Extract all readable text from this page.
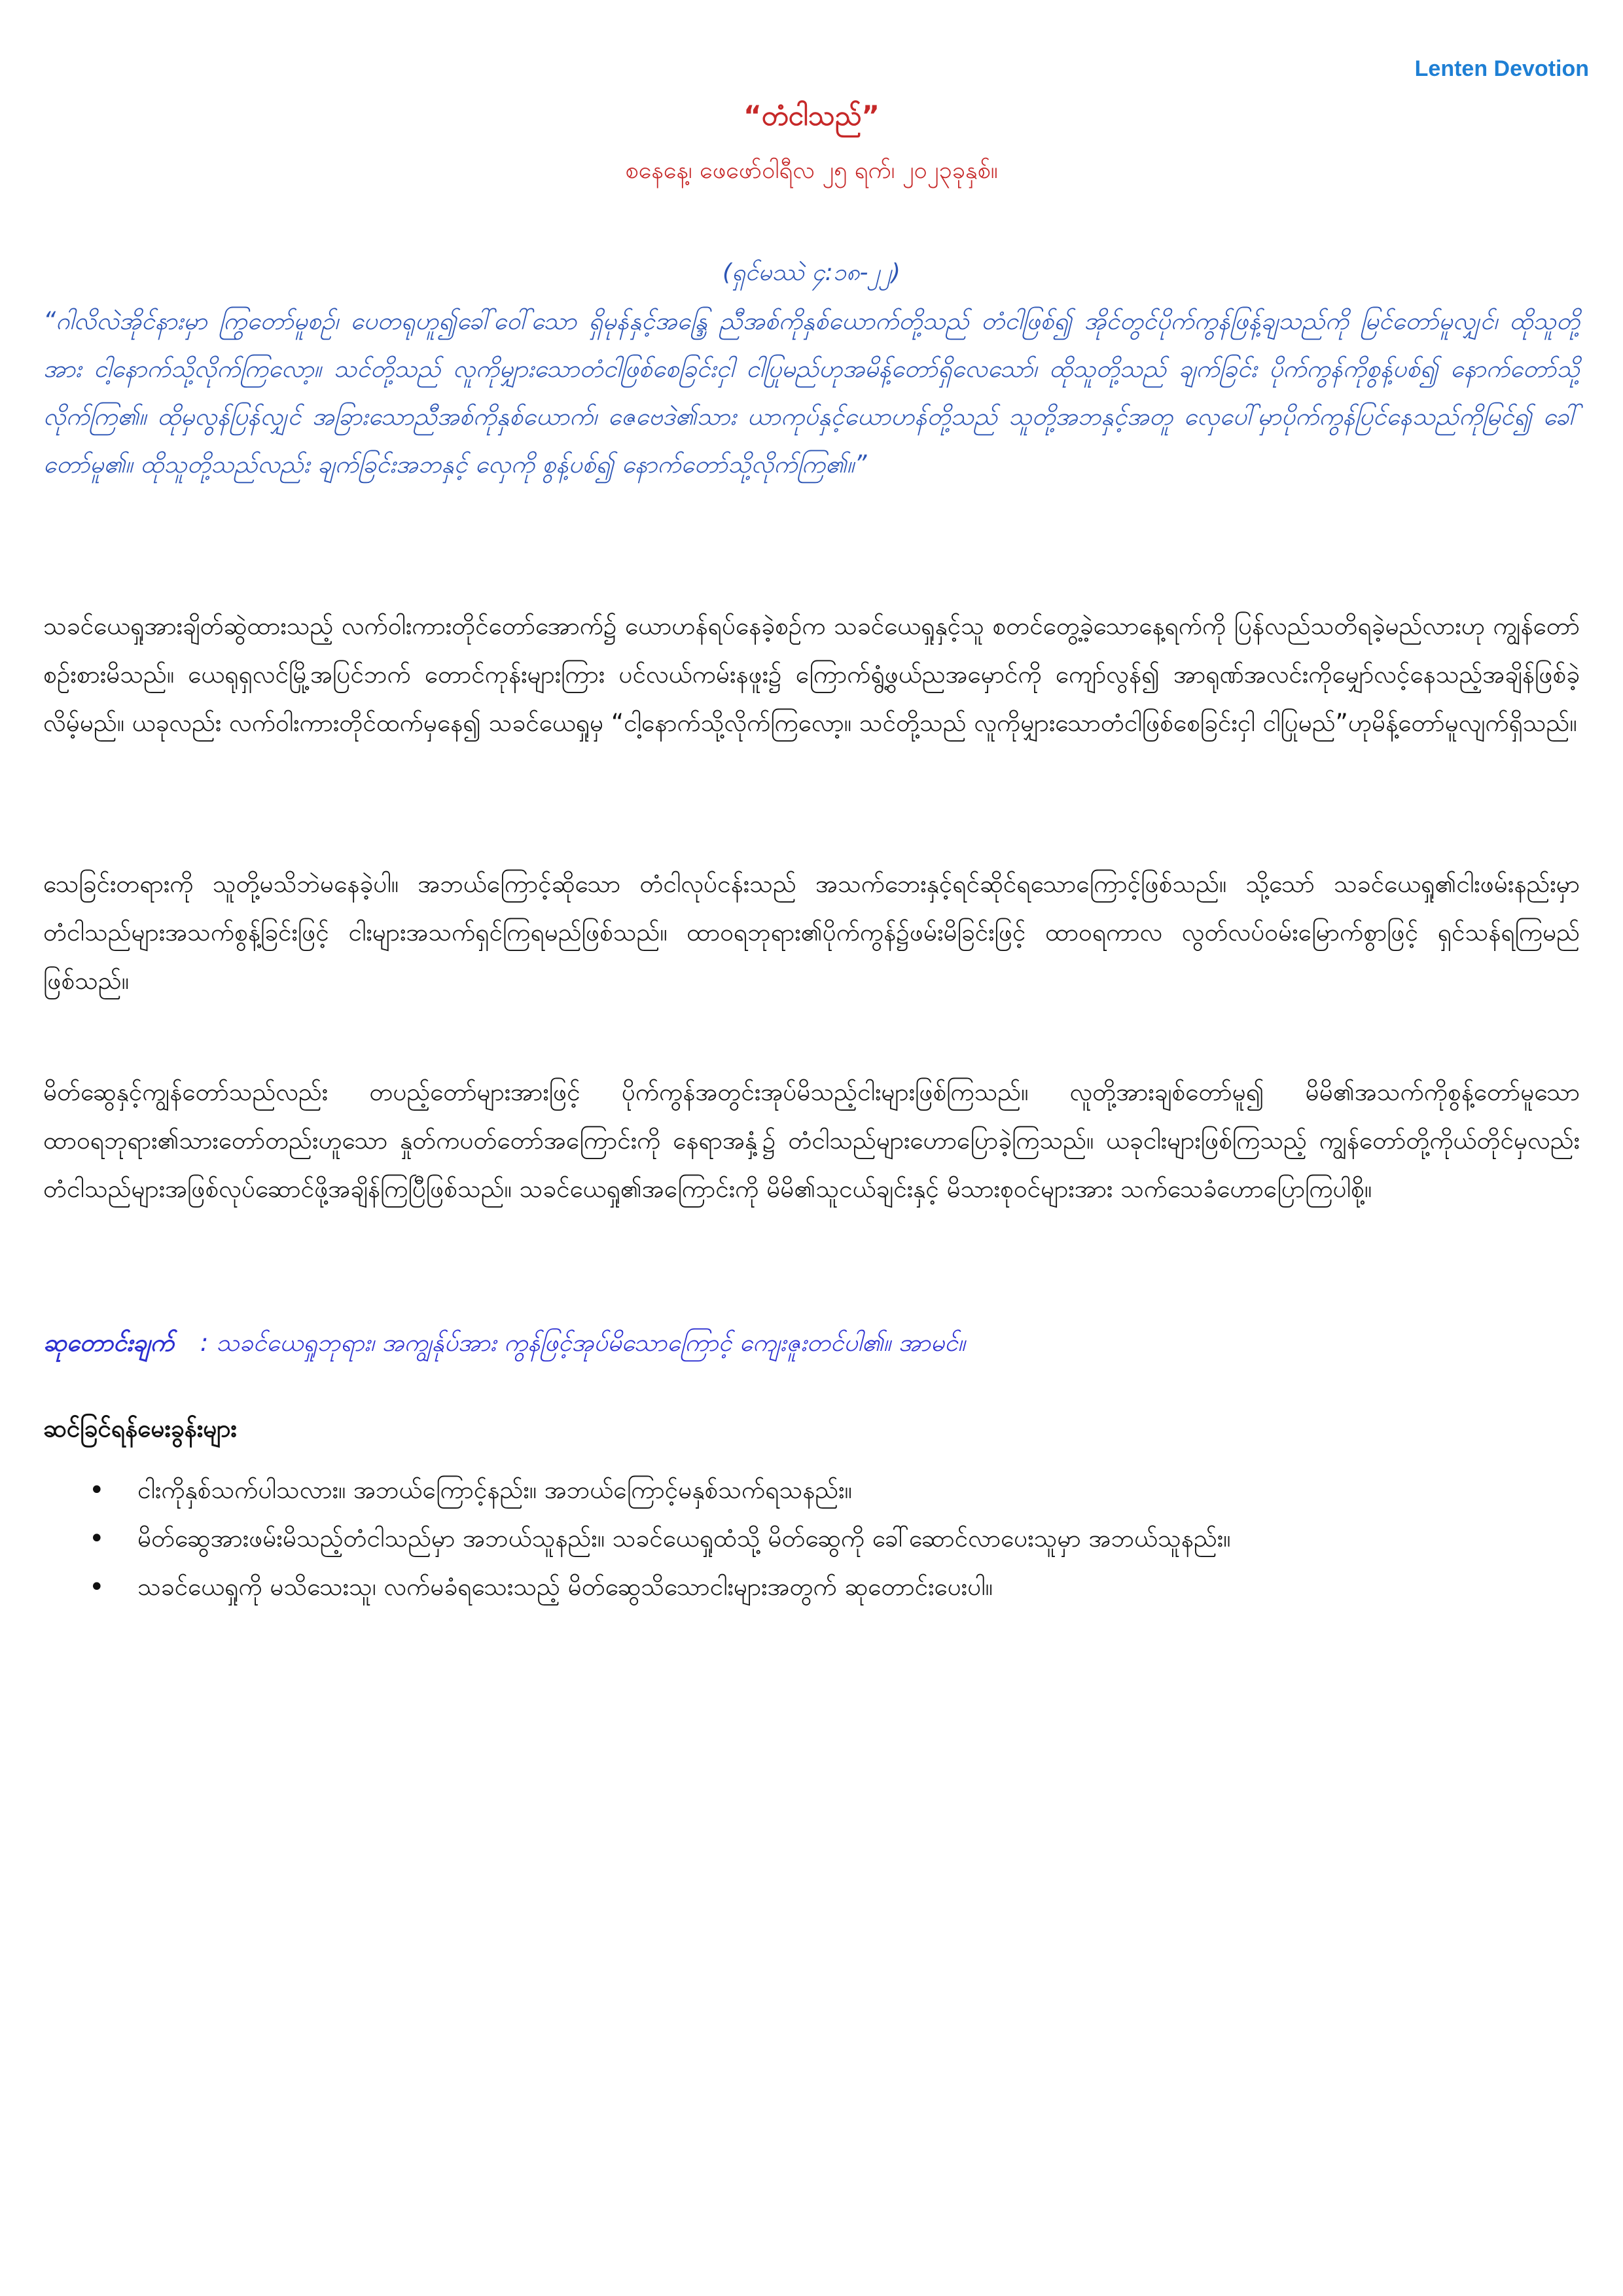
Lenten Devotion
“တံငါသည်”
စနေနေ့၊ ဖေဖော်ဝါရီလ ၂၅ ရက်၊ ၂၀၂၃ခုနှစ်။
(ရှင်မဿဲ ၄:၁၈-၂၂)

“ဂါလိလဲအိုင်နားမှာ ကြွတော်မူစဉ်၊ ပေတရုဟူ၍ခေါ်ဝေါ်သော ရှိမုန်နှင့်အန္ဒြေ ညီအစ်ကိုနှစ်ယောက်တို့သည် တံငါဖြစ်၍ အိုင်တွင်ပိုက်ကွန်ဖြန့်ချသည်ကို မြင်တော်မူလျှင်၊ ထိုသူတို့အား ငါ့နောက်သို့လိုက်ကြလော့။ သင်တို့သည် လူကိုမျှားသောတံငါဖြစ်စေခြင်းငှါ ငါပြုမည်ဟုအမိန့်တော်ရှိလေသော်၊ ထိုသူတို့သည် ချက်ခြင်း ပိုက်ကွန်ကိုစွန့်ပစ်၍ နောက်တော်သို့လိုက်ကြ၏။ ထိုမှလွန်ပြန်လျှင် အခြားသောညီအစ်ကိုနှစ်ယောက်၊ ဇေဗေဒဲ၏သား ယာကုပ်နှင့်ယောဟန်တို့သည် သူတို့အဘနှင့်အတူ လှေပေါ်မှာပိုက်ကွန်ပြင်နေသည်ကိုမြင်၍ ခေါ်တော်မူ၏။ ထိုသူတို့သည်လည်း ချက်ခြင်းအဘနှင့် လှေကို စွန့်ပစ်၍ နောက်တော်သို့လိုက်ကြ၏။”

သခင်ယေရှုအားချိတ်ဆွဲထားသည့် လက်ဝါးကားတိုင်တော်အောက်၌ ယောဟန်ရပ်နေခဲ့စဉ်က သခင်ယေရှုနှင့်သူ စတင်တွေ့ခဲ့သောနေ့ရက်ကို ပြန်လည်သတိရခဲ့မည်လားဟု ကျွန်တော်စဉ်းစားမိသည်။ ယေရုရှလင်မြို့အပြင်ဘက် တောင်ကုန်းများကြား ပင်လယ်ကမ်းနဖူး၌ ကြောက်ရွံ့ဖွယ်ညအမှောင်ကို ကျော်လွန်၍ အာရုဏ်အလင်းကိုမျှော်လင့်နေသည့်အချိန်ဖြစ်ခဲ့လိမ့်မည်။ ယခုလည်း လက်ဝါးကားတိုင်ထက်မှနေ၍ သခင်ယေရှုမှ “ငါ့နောက်သို့လိုက်ကြလော့။ သင်တို့သည် လူကိုမျှားသောတံငါဖြစ်စေခြင်းငှါ ငါပြုမည်”ဟုမိန့်တော်မူလျက်ရှိသည်။

သေခြင်းတရားကို သူတို့မသိဘဲမနေခဲ့ပါ။ အဘယ်ကြောင့်ဆိုသော တံငါလုပ်ငန်းသည် အသက်ဘေးနှင့်ရင်ဆိုင်ရသောကြောင့်ဖြစ်သည်။ သို့သော် သခင်ယေရှု၏ငါးဖမ်းနည်းမှာ တံငါသည်များအသက်စွန့်ခြင်းဖြင့် ငါးများအသက်ရှင်ကြရမည်ဖြစ်သည်။ ထာဝရဘုရား၏ပိုက်ကွန်၌ဖမ်းမိခြင်းဖြင့် ထာဝရကာလ လွတ်လပ်ဝမ်းမြောက်စွာဖြင့် ရှင်သန်ရကြမည်ဖြစ်သည်။

မိတ်ဆွေနှင့်ကျွန်တော်သည်လည်း တပည့်တော်များအားဖြင့် ပိုက်ကွန်အတွင်းအုပ်မိသည့်ငါးများဖြစ်ကြသည်။ လူတို့အားချစ်တော်မူ၍ မိမိ၏အသက်ကိုစွန့်တော်မူသော ထာဝရဘုရား၏သားတော်တည်းဟူသော နှုတ်ကပတ်တော်အကြောင်းကို နေရာအနှံ့၌ တံငါသည်များဟောပြောခဲ့ကြသည်။ ယခုငါးများဖြစ်ကြသည့် ကျွန်တော်တို့ကိုယ်တိုင်မှလည်း တံငါသည်များအဖြစ်လုပ်ဆောင်ဖို့အချိန်ကြပြီဖြစ်သည်။ သခင်ယေရှု၏အကြောင်းကို မိမိ၏သူငယ်ချင်းနှင့် မိသားစုဝင်များအား သက်သေခံဟောပြောကြပါစို့။

ဆုတောင်းချက် : သခင်ယေရှုဘုရား၊ အကျွန်ုပ်အား ကွန်ဖြင့်အုပ်မိသောကြောင့် ကျေးဇူးတင်ပါ၏။ အာမင်။

ဆင်ခြင်ရန်မေးခွန်းများ

• ငါးကိုနှစ်သက်ပါသလား။ အဘယ်ကြောင့်နည်း။ အဘယ်ကြောင့်မနှစ်သက်ရသနည်း။
• မိတ်ဆွေအားဖမ်းမိသည့်တံငါသည်မှာ အဘယ်သူနည်း။ သခင်ယေရှုထံသို့ မိတ်ဆွေကို ခေါ်ဆောင်လာပေးသူမှာ အဘယ်သူနည်း။
• သခင်ယေရှုကို မသိသေးသူ၊ လက်မခံရသေးသည့် မိတ်ဆွေသိသောငါးများအတွက် ဆုတောင်းပေးပါ။
